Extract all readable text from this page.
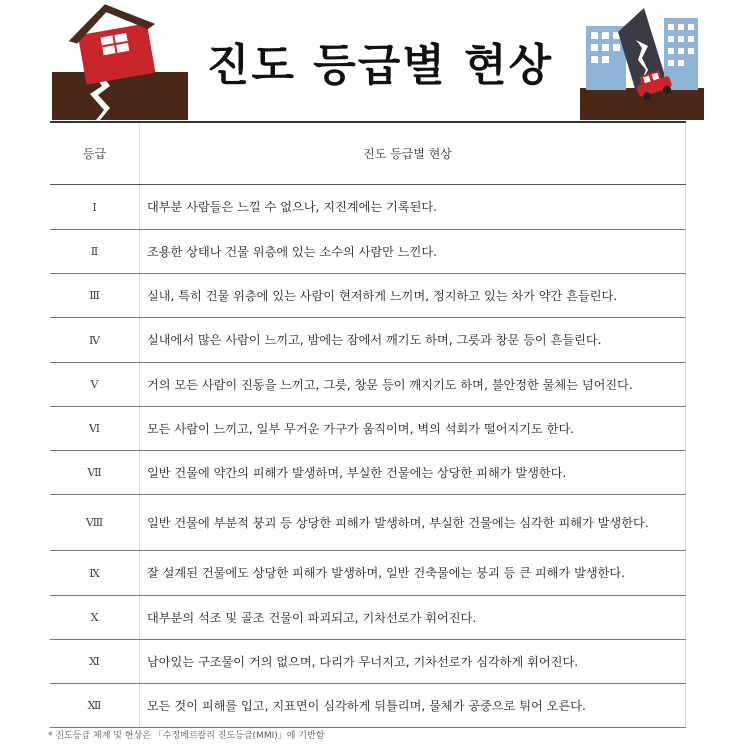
진도 등급별 현상
등급	진도 등급별 현상
Ⅰ	대부분 사람들은 느낄 수 없으나, 지진계에는 기록된다.
Ⅱ	조용한 상태나 건물 위층에 있는 소수의 사람만 느낀다.
Ⅲ	실내, 특히 건물 위층에 있는 사람이 현저하게 느끼며, 정지하고 있는 차가 약간 흔들린다.
Ⅳ	실내에서 많은 사람이 느끼고, 밤에는 잠에서 깨기도 하며, 그릇과 창문 등이 흔들린다.
Ⅴ	거의 모든 사람이 진동을 느끼고, 그릇, 창문 등이 깨지기도 하며, 불안정한 물체는 넘어진다.
Ⅵ	모든 사람이 느끼고, 일부 무거운 가구가 움직이며, 벽의 석회가 떨어지기도 한다.
Ⅶ	일반 건물에 약간의 피해가 발생하며, 부실한 건물에는 상당한 피해가 발생한다.
Ⅷ	일반 건물에 부분적 붕괴 등 상당한 피해가 발생하며, 부실한 건물에는 심각한 피해가 발생한다.
Ⅸ	잘 설계된 건물에도 상당한 피해가 발생하며, 일반 건축물에는 붕괴 등 큰 피해가 발생한다.
Ⅹ	대부분의 석조 및 골조 건물이 파괴되고, 기차선로가 휘어진다.
Ⅺ	남아있는 구조물이 거의 없으며, 다리가 무너지고, 기차선로가 심각하게 휘어진다.
Ⅻ	모든 것이 피해를 입고, 지표면이 심각하게 뒤틀리며, 물체가 공중으로 튀어 오른다.
* 진도등급 체계 및 현상은 「수정메르칼리 진도등급(MMI)」에 기반함
